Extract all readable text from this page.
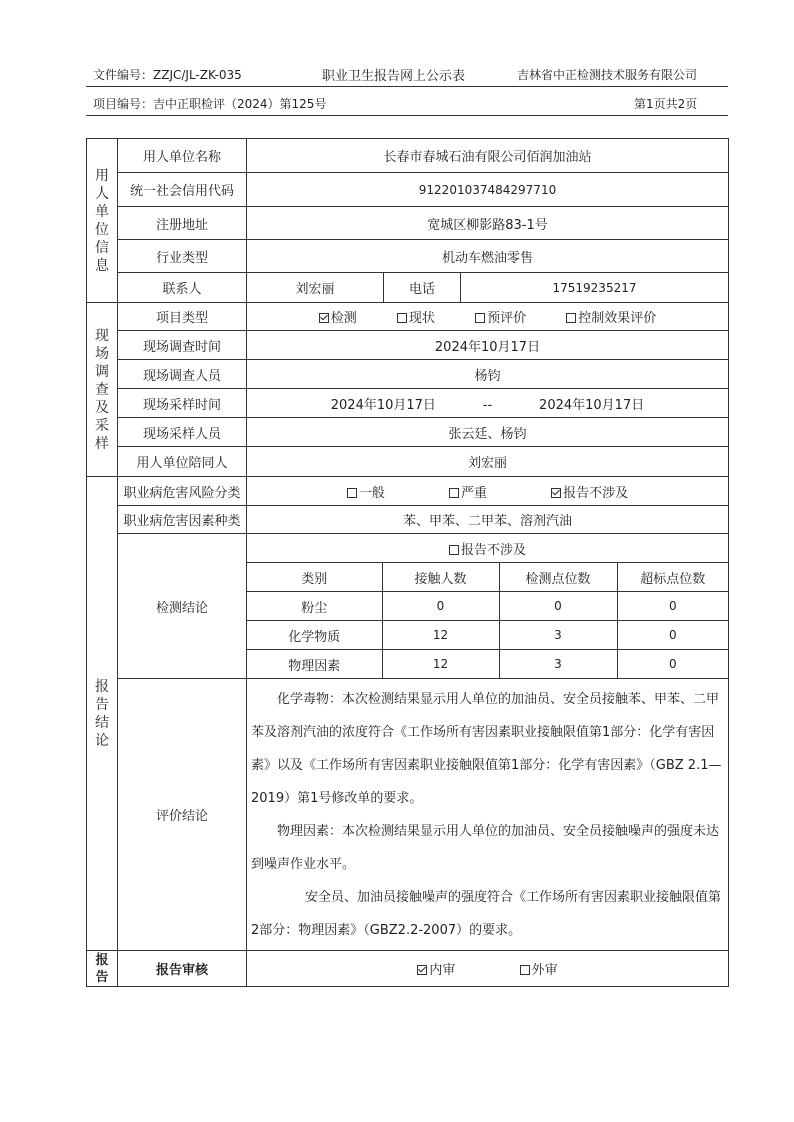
文件编号：ZZJC/JL-ZK-035	职业卫生报告网上公示表	吉林省中正检测技术服务有限公司
项目编号：吉中正职检评（2024）第125号	第1页共2页
用
人
单
位
信
息
	用人单位名称	长春市春城石油有限公司佰润加油站
统一社会信用代码	912201037484297710
注册地址	宽城区柳影路83-1号
行业类型	机动车燃油零售
联系人	刘宏丽	电话	17519235217

现
场
调
查
及
采
样
	项目类型	检测	现状	预评价	控制效果评价
现场调查时间	2024年10月17日
现场调查人员	杨钧
现场采样时间	2024年10月17日	--	2024年10月17日
现场采样人员	张云廷、杨钧
用人单位陪同人	刘宏丽

报
告
结
论
	职业病危害风险分类	一般	严重	报告不涉及
职业病危害因素种类	苯、甲苯、二甲苯、溶剂汽油
检测结论	
报告不涉及
类别	接触人数	检测点位数	超标点位数
粉尘	0	0	0
化学物质	12	3	0
物理因素	12	3	0

评价结论	

化学毒物：本次检测结果显示用人单位的加油员、安全员接触苯、甲苯、二甲苯及溶剂汽油的浓度符合《工作场所有害因素职业接触限值第1部分：化学有害因素》以及《工作场所有害因素职业接触限值第1部分：化学有害因素》（GBZ 2.1—2019）第1号修改单的要求。

物理因素：本次检测结果显示用人单位的加油员、安全员接触噪声的强度未达到噪声作业水平。

安全员、加油员接触噪声的强度符合《工作场所有害因素职业接触限值第2部分：物理因素》（GBZ2.2-2007）的要求。

报
告	报告审核	内审	外审
